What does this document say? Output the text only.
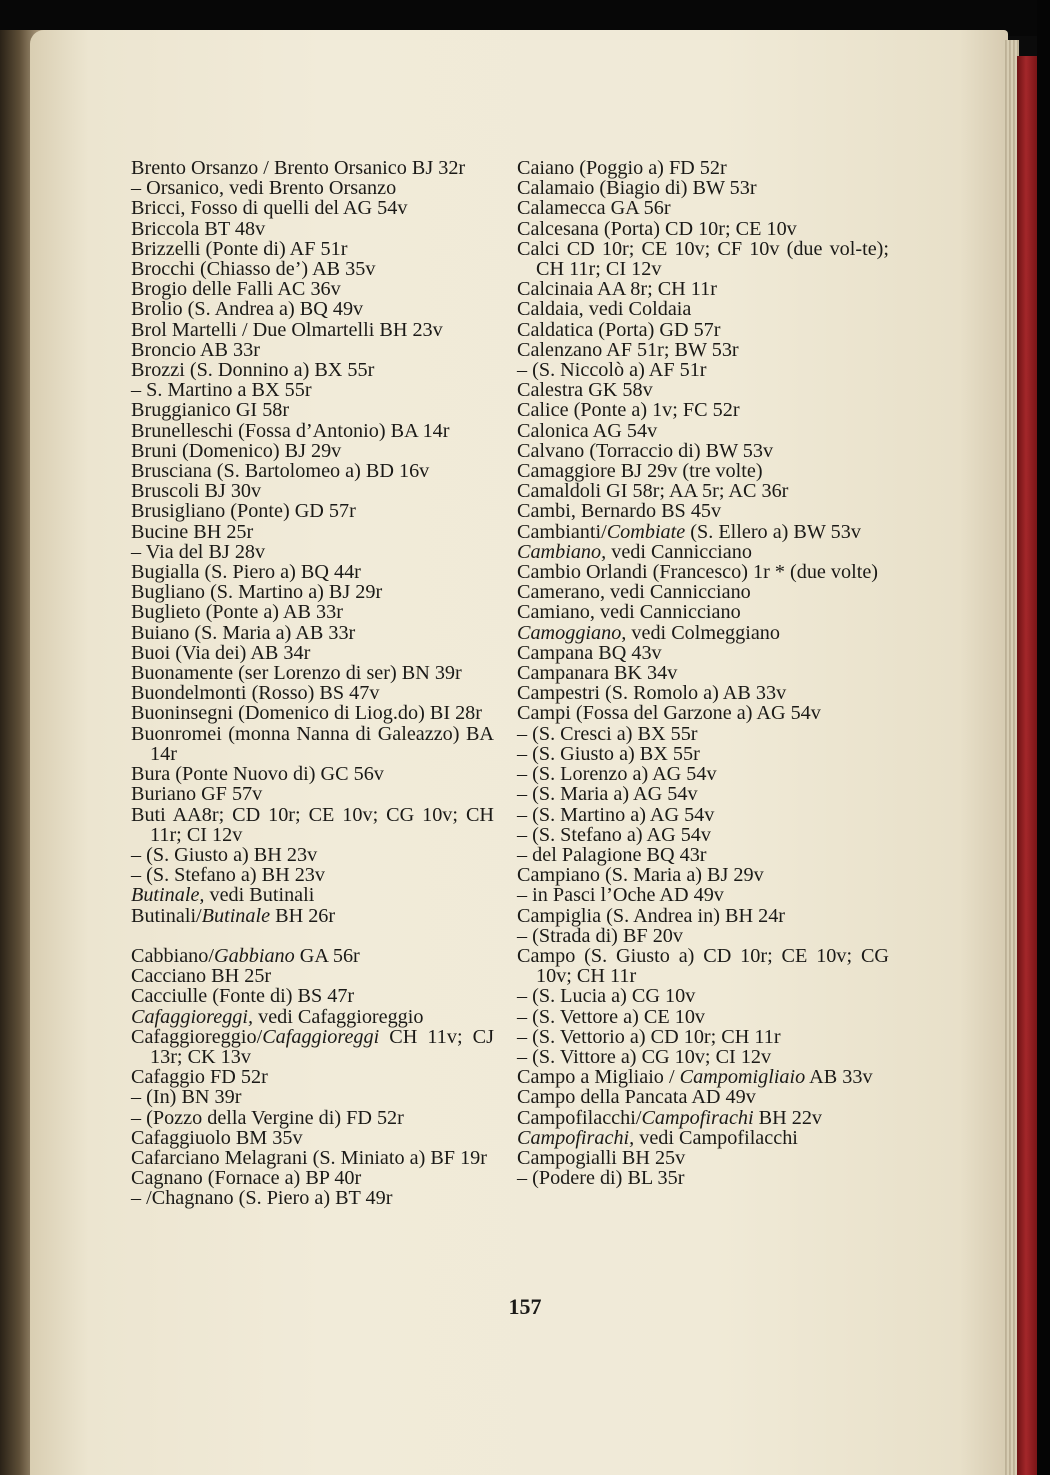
Brento Orsanzo / Brento Orsanico BJ 32r
– Orsanico, vedi Brento Orsanzo
Bricci, Fosso di quelli del AG 54v
Briccola BT 48v
Brizzelli (Ponte di) AF 51r
Brocchi (Chiasso de’) AB 35v
Brogio delle Falli AC 36v
Brolio (S. Andrea a) BQ 49v
Brol Martelli / Due Olmartelli BH 23v
Broncio AB 33r
Brozzi (S. Donnino a) BX 55r
– S. Martino a BX 55r
Bruggianico GI 58r
Brunelleschi (Fossa d’Antonio) BA 14r
Bruni (Domenico) BJ 29v
Brusciana (S. Bartolomeo a) BD 16v
Bruscoli BJ 30v
Brusigliano (Ponte) GD 57r
Bucine BH 25r
– Via del BJ 28v
Bugialla (S. Piero a) BQ 44r
Bugliano (S. Martino a) BJ 29r
Buglieto (Ponte a) AB 33r
Buiano (S. Maria a) AB 33r
Buoi (Via dei) AB 34r
Buonamente (ser Lorenzo di ser) BN 39r
Buondelmonti (Rosso) BS 47v
Buoninsegni (Domenico di Liog.do) BI 28r
Buonromei (monna Nanna di Galeazzo) BA 14r
Bura (Ponte Nuovo di) GC 56v
Buriano GF 57v
Buti AA8r; CD 10r; CE 10v; CG 10v; CH 11r; CI 12v
– (S. Giusto a) BH 23v
– (S. Stefano a) BH 23v
Butinale, vedi Butinali
Butinali/Butinale BH 26r
Cabbiano/Gabbiano GA 56r
Cacciano BH 25r
Cacciulle (Fonte di) BS 47r
Cafaggioreggi, vedi Cafaggioreggio
Cafaggioreggio/Cafaggioreggi CH 11v; CJ 13r; CK 13v
Cafaggio FD 52r
– (In) BN 39r
– (Pozzo della Vergine di) FD 52r
Cafaggiuolo BM 35v
Cafarciano Melagrani (S. Miniato a) BF 19r
Cagnano (Fornace a) BP 40r
– /Chagnano (S. Piero a) BT 49r
Caiano (Poggio a) FD 52r
Calamaio (Biagio di) BW 53r
Calamecca GA 56r
Calcesana (Porta) CD 10r; CE 10v
Calci CD 10r; CE 10v; CF 10v (due vol-te); CH 11r; CI 12v
Calcinaia AA 8r; CH 11r
Caldaia, vedi Coldaia
Caldatica (Porta) GD 57r
Calenzano AF 51r; BW 53r
– (S. Niccolò a) AF 51r
Calestra GK 58v
Calice (Ponte a) 1v; FC 52r
Calonica AG 54v
Calvano (Torraccio di) BW 53v
Camaggiore BJ 29v (tre volte)
Camaldoli GI 58r; AA 5r; AC 36r
Cambi, Bernardo BS 45v
Cambianti/Combiate (S. Ellero a) BW 53v
Cambiano, vedi Cannicciano
Cambio Orlandi (Francesco) 1r * (due volte)
Camerano, vedi Cannicciano
Camiano, vedi Cannicciano
Camoggiano, vedi Colmeggiano
Campana BQ 43v
Campanara BK 34v
Campestri (S. Romolo a) AB 33v
Campi (Fossa del Garzone a) AG 54v
– (S. Cresci a) BX 55r
– (S. Giusto a) BX 55r
– (S. Lorenzo a) AG 54v
– (S. Maria a) AG 54v
– (S. Martino a) AG 54v
– (S. Stefano a) AG 54v
– del Palagione BQ 43r
Campiano (S. Maria a) BJ 29v
– in Pasci l’Oche AD 49v
Campiglia (S. Andrea in) BH 24r
– (Strada di) BF 20v
Campo (S. Giusto a) CD 10r; CE 10v; CG 10v; CH 11r
– (S. Lucia a) CG 10v
– (S. Vettore a) CE 10v
– (S. Vettorio a) CD 10r; CH 11r
– (S. Vittore a) CG 10v; CI 12v
Campo a Migliaio / Campomigliaio AB 33v
Campo della Pancata AD 49v
Campofilacchi/Campofirachi BH 22v
Campofirachi, vedi Campofilacchi
Campogialli BH 25v
– (Podere di) BL 35r
157
